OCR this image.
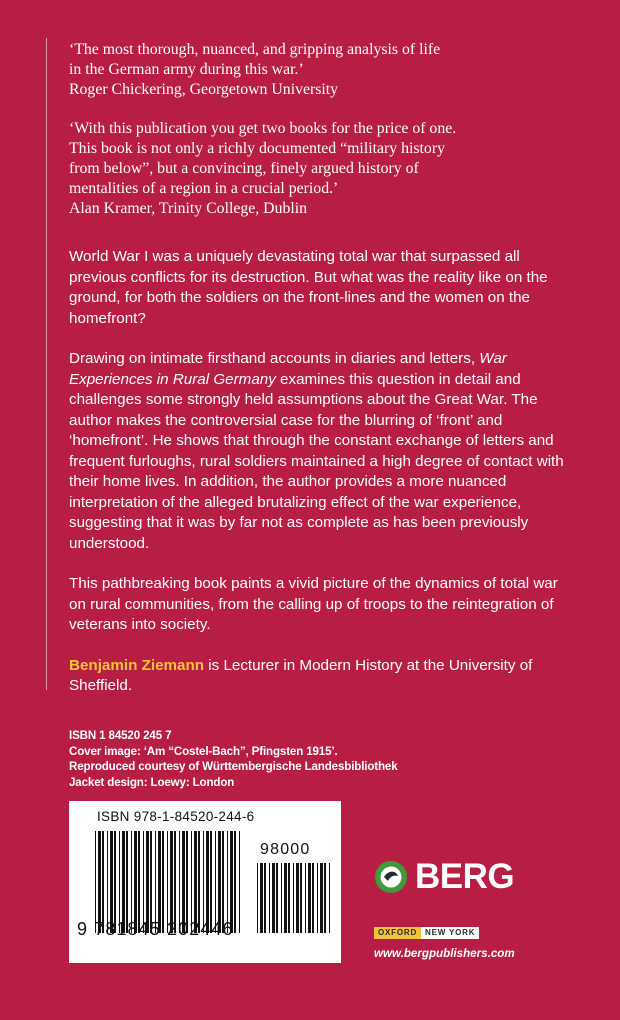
‘The most thorough, nuanced, and gripping analysis of life
in the German army during this war.’
Roger Chickering, Georgetown University
‘With this publication you get two books for the price of one.
This book is not only a richly documented “military history
from below”, but a convincing, finely argued history of
mentalities of a region in a crucial period.’
Alan Kramer, Trinity College, Dublin

World War I was a uniquely devastating total war that surpassed all previous conflicts for its destruction. But what was the reality like on the ground, for both the soldiers on the front-lines and the women on the homefront?

Drawing on intimate firsthand accounts in diaries and letters, War Experiences in Rural Germany examines this question in detail and challenges some strongly held assumptions about the Great War. The author makes the controversial case for the blurring of ‘front’ and ‘homefront’. He shows that through the constant exchange of letters and frequent furloughs, rural soldiers maintained a high degree of contact with their home lives. In addition, the author provides a more nuanced interpretation of the alleged brutalizing effect of the war experience, suggesting that it was by far not as complete as has been previously understood.

This pathbreaking book paints a vivid picture of the dynamics of total war on rural communities, from the calling up of troops to the reintegration of veterans into society.

Benjamin Ziemann is Lecturer in Modern History at the University of Sheffield.

ISBN 1 84520 245 7
Cover image: ‘Am “Costel-Bach”, Pfingsten 1915’.
Reproduced courtesy of Württembergische Landesbibliothek
Jacket design: Loewy: London
ISBN 978-1-84520-244-6
98000
9 781845 202446
BERG
OXFORD	NEW YORK
www.bergpublishers.com
